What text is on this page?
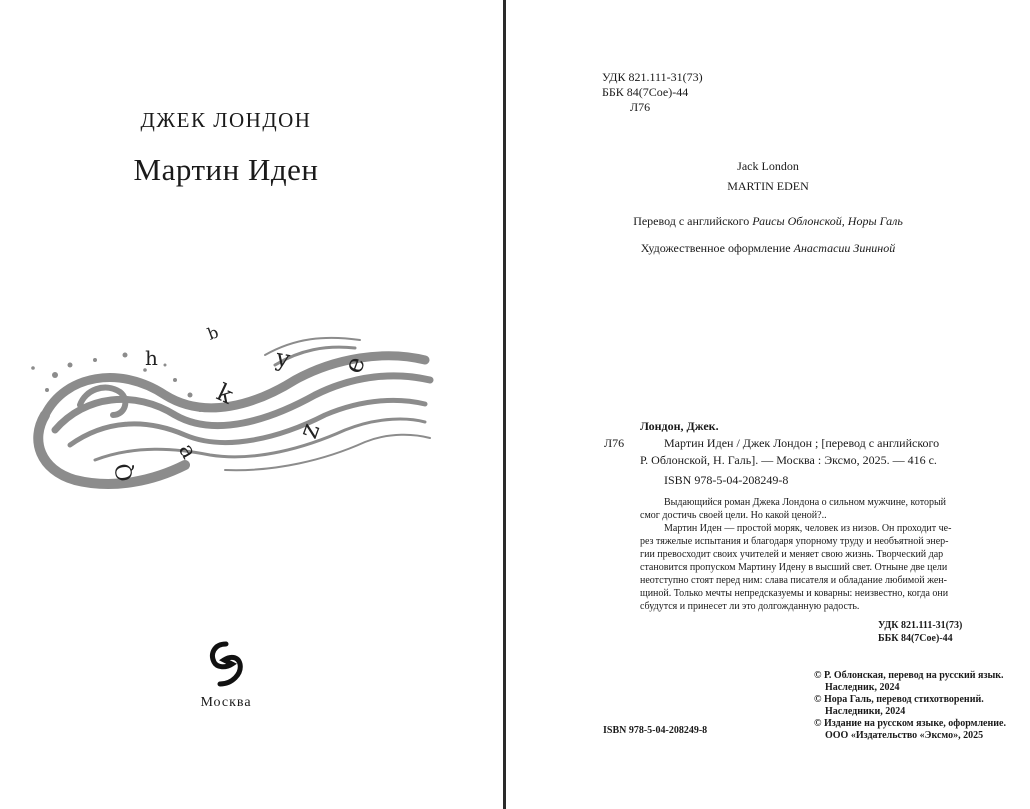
ДЖЕК ЛОНДОН
Мартин Иден
b
h
k
y e
z
ɐ
Q
Москва
УДК 821.111-31(73)
ББК 84(7Сое)-44
Л76
Jack London
MARTIN EDEN
Перевод с английского Раисы Облонской, Норы Галь
Художественное оформление Анастасии Зининой
Лондон, Джек.
Л76	Мартин Иден / Джек Лондон ; [перевод с английского
Р. Облонской, Н. Галь]. — Москва : Эксмо, 2025. — 416 с.
ISBN 978-5-04-208249-8
Выдающийся роман Джека Лондона о сильном мужчине, который
смог достичь своей цели. Но какой ценой?..
Мартин Иден — простой моряк, человек из низов. Он проходит че-
рез тяжелые испытания и благодаря упорному труду и необъятной энер-
гии превосходит своих учителей и меняет свою жизнь. Творческий дар
становится пропуском Мартину Идену в высший свет. Отныне две цели
неотступно стоят перед ним: слава писателя и обладание любимой жен-
щиной. Только мечты непредсказуемы и коварны: неизвестно, когда они
сбудутся и принесет ли это долгожданную радость.
УДК 821.111-31(73)
ББК 84(7Сое)-44
© Р. Облонская, перевод на русский язык.
Наследник, 2024
© Нора Галь, перевод стихотворений.
Наследники, 2024
© Издание на русском языке, оформление.
ООО «Издательство «Эксмо», 2025
ISBN 978-5-04-208249-8
